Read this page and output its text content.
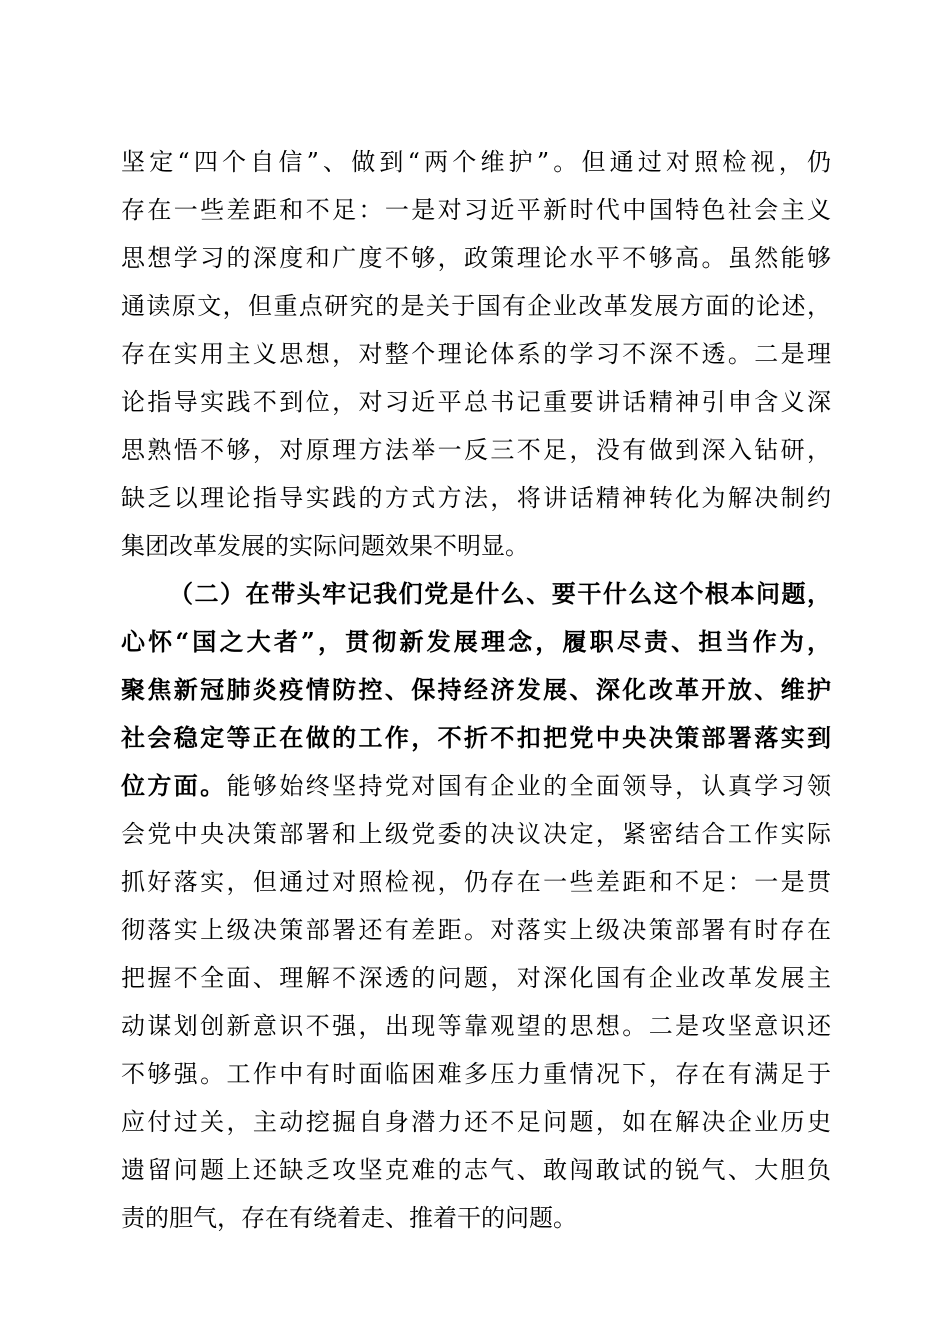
坚定“四个自信”、做到“两个维护”。但通过对照检视，仍
存在一些差距和不足：一是对习近平新时代中国特色社会主义
思想学习的深度和广度不够，政策理论水平不够高。虽然能够
通读原文，但重点研究的是关于国有企业改革发展方面的论述，
存在实用主义思想，对整个理论体系的学习不深不透。二是理
论指导实践不到位，对习近平总书记重要讲话精神引申含义深
思熟悟不够，对原理方法举一反三不足，没有做到深入钻研，
缺乏以理论指导实践的方式方法，将讲话精神转化为解决制约
集团改革发展的实际问题效果不明显。
（二）在带头牢记我们党是什么、要干什么这个根本问题，
心怀“国之大者”，贯彻新发展理念，履职尽责、担当作为，
聚焦新冠肺炎疫情防控、保持经济发展、深化改革开放、维护
社会稳定等正在做的工作，不折不扣把党中央决策部署落实到
位方面。能够始终坚持党对国有企业的全面领导，认真学习领
会党中央决策部署和上级党委的决议决定，紧密结合工作实际
抓好落实，但通过对照检视，仍存在一些差距和不足：一是贯
彻落实上级决策部署还有差距。对落实上级决策部署有时存在
把握不全面、理解不深透的问题，对深化国有企业改革发展主
动谋划创新意识不强，出现等靠观望的思想。二是攻坚意识还
不够强。工作中有时面临困难多压力重情况下，存在有满足于
应付过关，主动挖掘自身潜力还不足问题，如在解决企业历史
遗留问题上还缺乏攻坚克难的志气、敢闯敢试的锐气、大胆负
责的胆气，存在有绕着走、推着干的问题。
